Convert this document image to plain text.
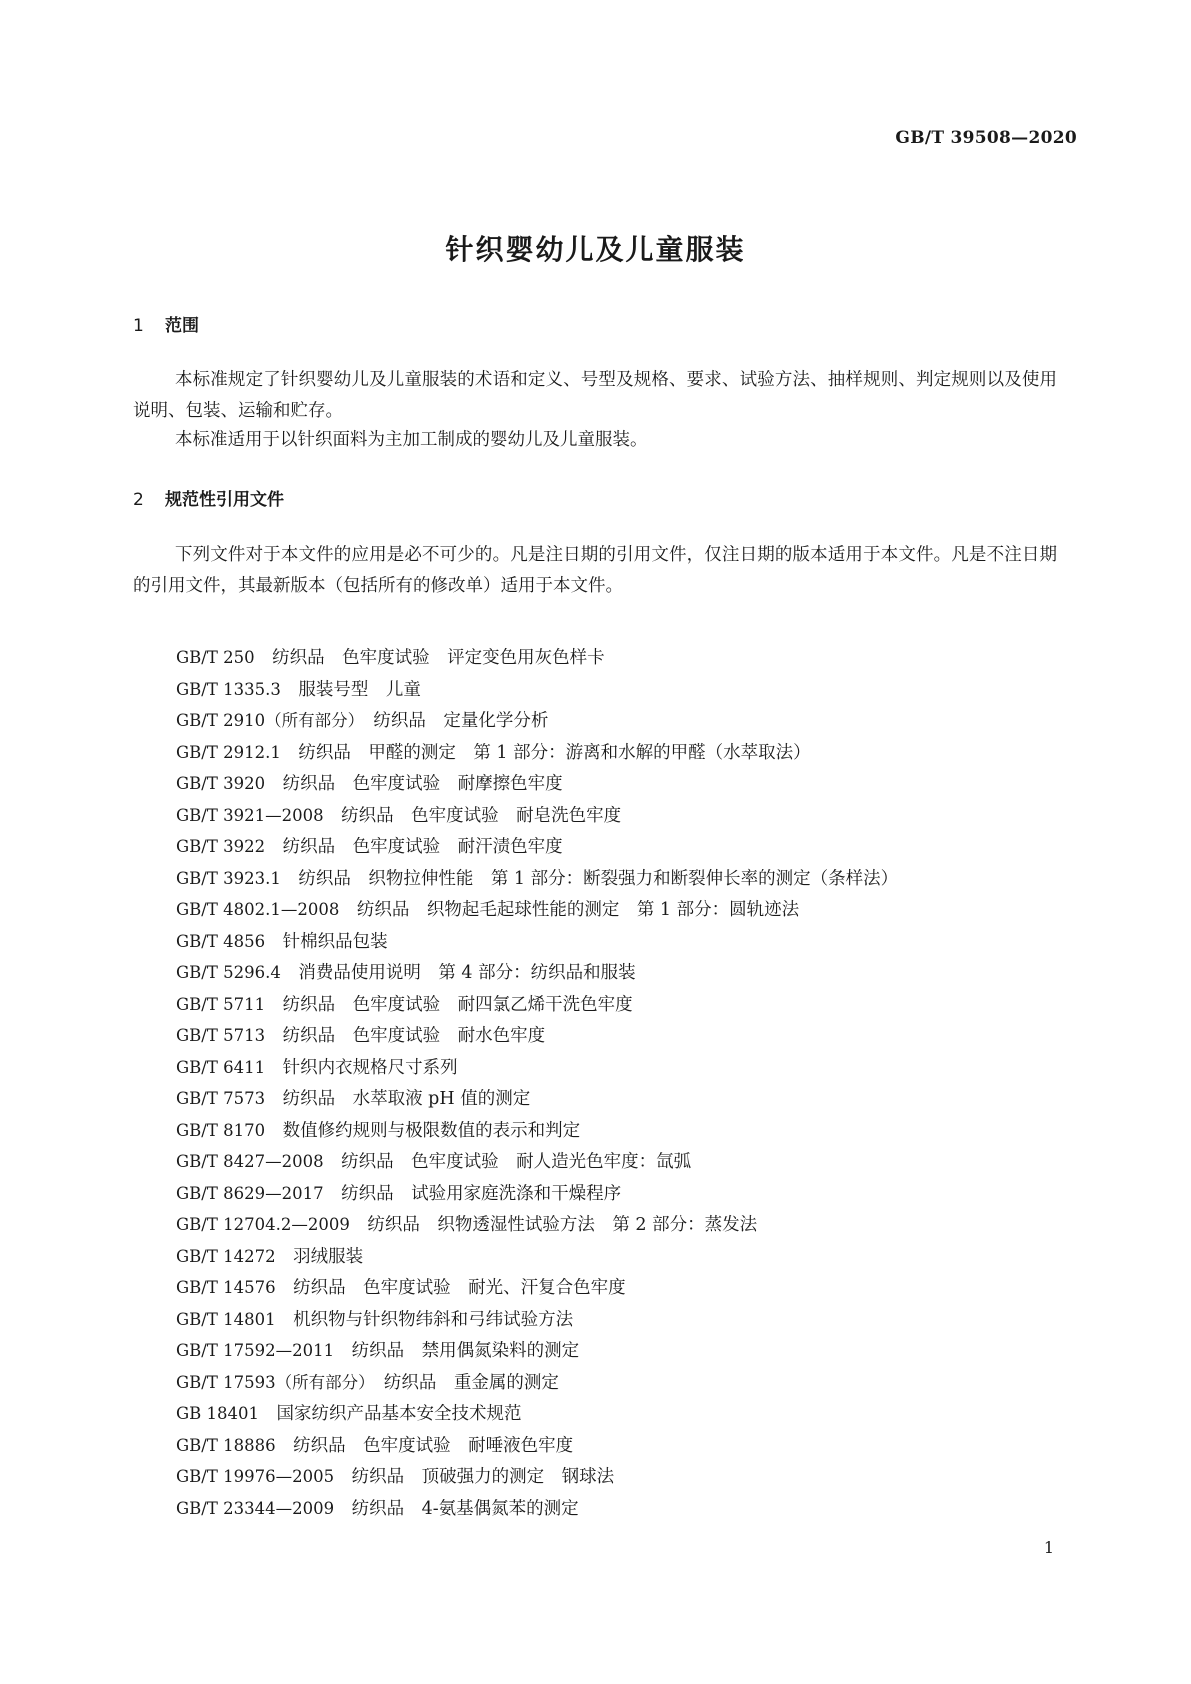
GB/T 39508—2020
针织婴幼儿及儿童服装
1 范围

本标准规定了针织婴幼儿及儿童服装的术语和定义、号型及规格、要求、试验方法、抽样规则、判定规则以及使用说明、包装、运输和贮存。

本标准适用于以针织面料为主加工制成的婴幼儿及儿童服装。

2 规范性引用文件

下列文件对于本文件的应用是必不可少的。凡是注日期的引用文件，仅注日期的版本适用于本文件。凡是不注日期的引用文件，其最新版本（包括所有的修改单）适用于本文件。

GB/T 250　 纺织品　色牢度试验　评定变色用灰色样卡
GB/T 1335.3　 服装号型　儿童
GB/T 2910（所有部分）　 纺织品　定量化学分析
GB/T 2912.1　 纺织品　甲醛的测定　第 1 部分：游离和水解的甲醛（水萃取法）
GB/T 3920　 纺织品　色牢度试验　耐摩擦色牢度
GB/T 3921—2008　 纺织品　色牢度试验　耐皂洗色牢度
GB/T 3922　 纺织品　色牢度试验　耐汗渍色牢度
GB/T 3923.1　 纺织品　织物拉伸性能　第 1 部分：断裂强力和断裂伸长率的测定（条样法）
GB/T 4802.1—2008　 纺织品　织物起毛起球性能的测定　第 1 部分：圆轨迹法
GB/T 4856　 针棉织品包装
GB/T 5296.4　 消费品使用说明　第 4 部分：纺织品和服装
GB/T 5711　 纺织品　色牢度试验　耐四氯乙烯干洗色牢度
GB/T 5713　 纺织品　色牢度试验　耐水色牢度
GB/T 6411　 针织内衣规格尺寸系列
GB/T 7573　 纺织品　水萃取液 pH 值的测定
GB/T 8170　 数值修约规则与极限数值的表示和判定
GB/T 8427—2008　 纺织品　色牢度试验　耐人造光色牢度：氙弧
GB/T 8629—2017　 纺织品　试验用家庭洗涤和干燥程序
GB/T 12704.2—2009　 纺织品　织物透湿性试验方法　第 2 部分：蒸发法
GB/T 14272　 羽绒服装
GB/T 14576　 纺织品　色牢度试验　耐光、汗复合色牢度
GB/T 14801　 机织物与针织物纬斜和弓纬试验方法
GB/T 17592—2011　 纺织品　禁用偶氮染料的测定
GB/T 17593（所有部分）　 纺织品　重金属的测定
GB 18401　 国家纺织产品基本安全技术规范
GB/T 18886　 纺织品　色牢度试验　耐唾液色牢度
GB/T 19976—2005　 纺织品　顶破强力的测定　钢球法
GB/T 23344—2009　 纺织品　4-氨基偶氮苯的测定
1
